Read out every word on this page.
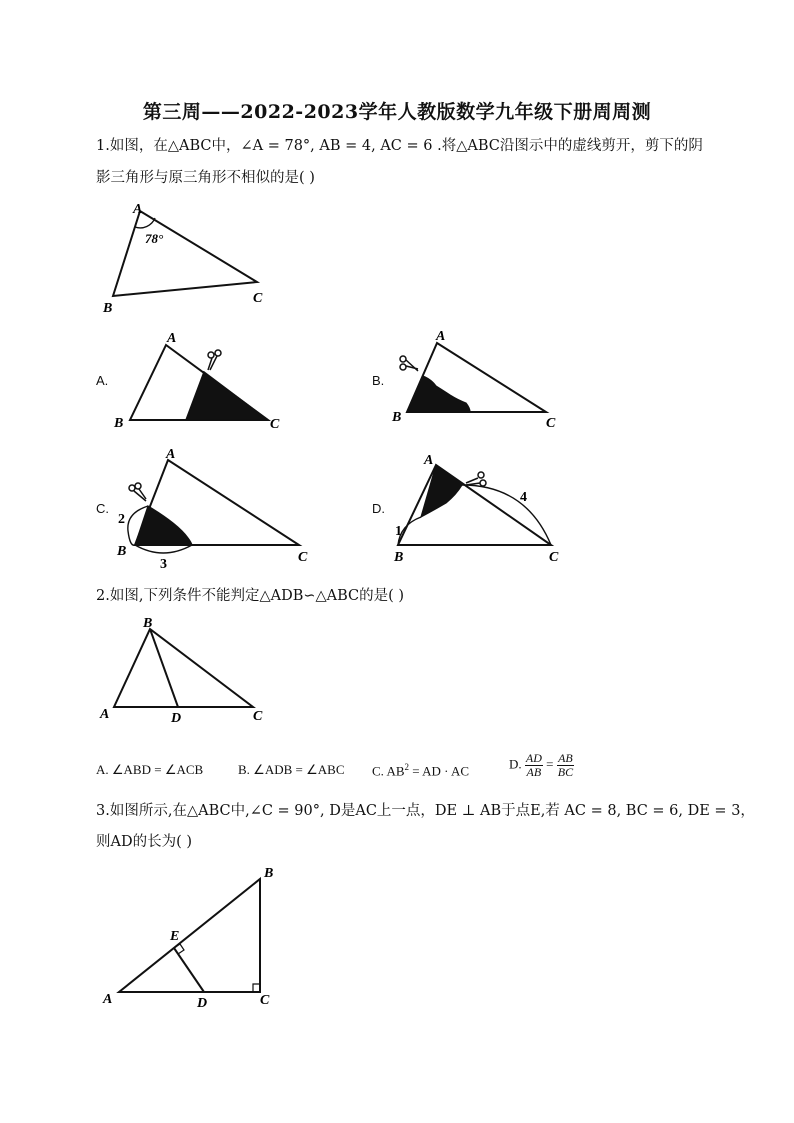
第三周——2022-2023学年人教版数学九年级下册周周测
1.如图，在△ABC中，∠A = 78°, AB = 4, AC = 6 .将△ABC沿图示中的虚线剪开，剪下的阴
影三角形与原三角形不相似的是( )
A
B
C
78°
A.
A
B	C
B.
A
B	C
C.
A
B	C
2
3
D.
A
B	C
1
4
2.如图,下列条件不能判定△ADB∽△ABC的是( )
B
A	D	C
A. ∠ABD = ∠ACB	B. ∠ADB = ∠ABC C. $AB^2$ = AD · AC	D. $\frac{AD}{AB} = \frac{AB}{BC}$
3.如图所示,在△ABC中,∠C = 90°, D是AC上一点，DE ⊥ AB于点E,若 AC = 8, BC = 6, DE = 3，
则AD的长为( )
B
E
A	D	C
